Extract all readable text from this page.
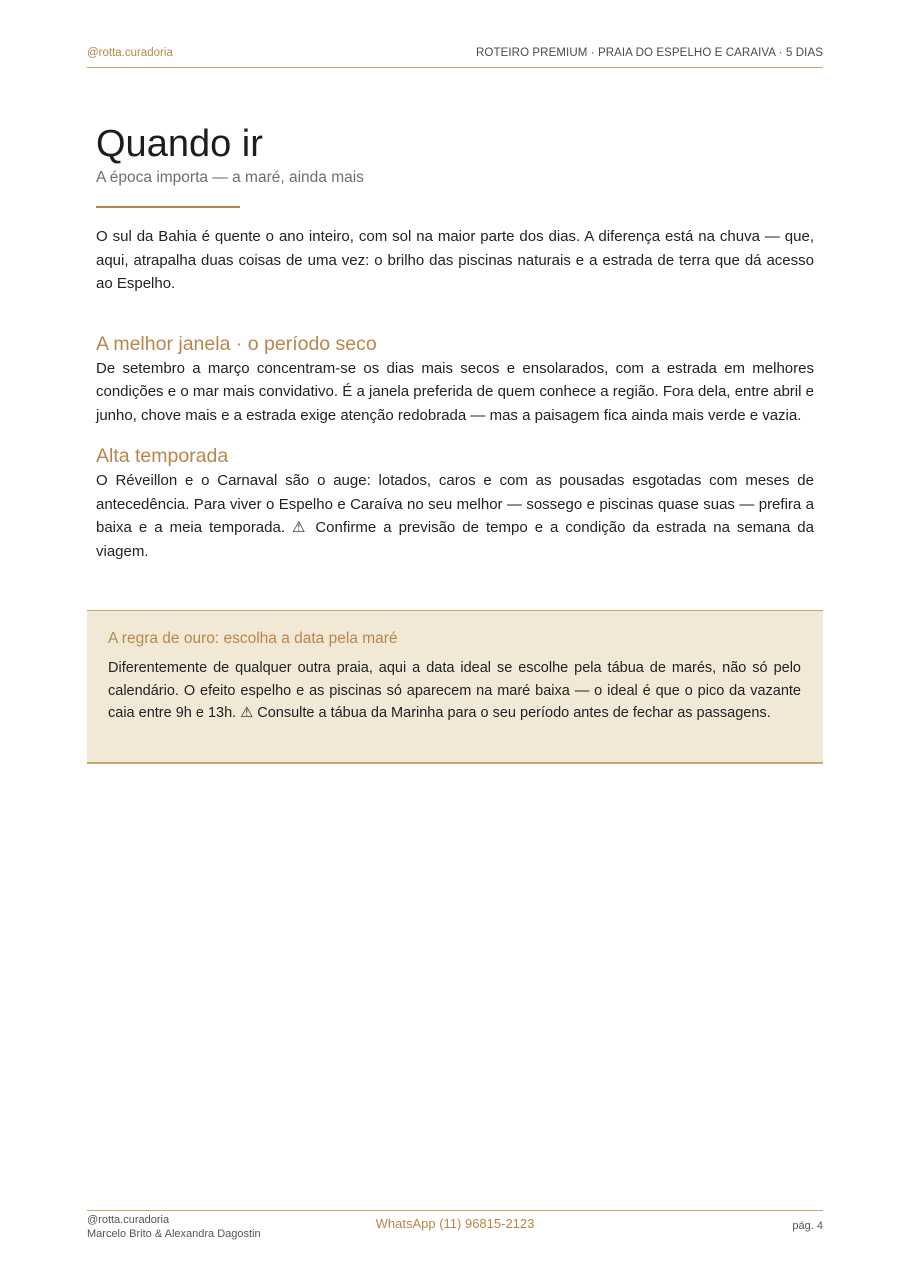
@rotta.curadoria	ROTEIRO PREMIUM · PRAIA DO ESPELHO E CARAIVA · 5 DIAS
Quando ir
A época importa — a maré, ainda mais

O sul da Bahia é quente o ano inteiro, com sol na maior parte dos dias. A diferença está na chuva — que, aqui, atrapalha duas coisas de uma vez: o brilho das piscinas naturais e a estrada de terra que dá acesso ao Espelho.

A melhor janela · o período seco

De setembro a março concentram-se os dias mais secos e ensolarados, com a estrada em melhores condições e o mar mais convidativo. É a janela preferida de quem conhece a região. Fora dela, entre abril e junho, chove mais e a estrada exige atenção redobrada — mas a paisagem fica ainda mais verde e vazia.

Alta temporada

O Réveillon e o Carnaval são o auge: lotados, caros e com as pousadas esgotadas com meses de antecedência. Para viver o Espelho e Caraíva no seu melhor — sossego e piscinas quase suas — prefira a baixa e a meia temporada. ⚠ Confirme a previsão de tempo e a condição da estrada na semana da viagem.

A regra de ouro: escolha a data pela maré

Diferentemente de qualquer outra praia, aqui a data ideal se escolhe pela tábua de marés, não só pelo calendário. O efeito espelho e as piscinas só aparecem na maré baixa — o ideal é que o pico da vazante caia entre 9h e 13h. ⚠ Consulte a tábua da Marinha para o seu período antes de fechar as passagens.

@rotta.curadoria
Marcelo Brito & Alexandra Dagostin
WhatsApp (11) 96815-2123	pág. 4
